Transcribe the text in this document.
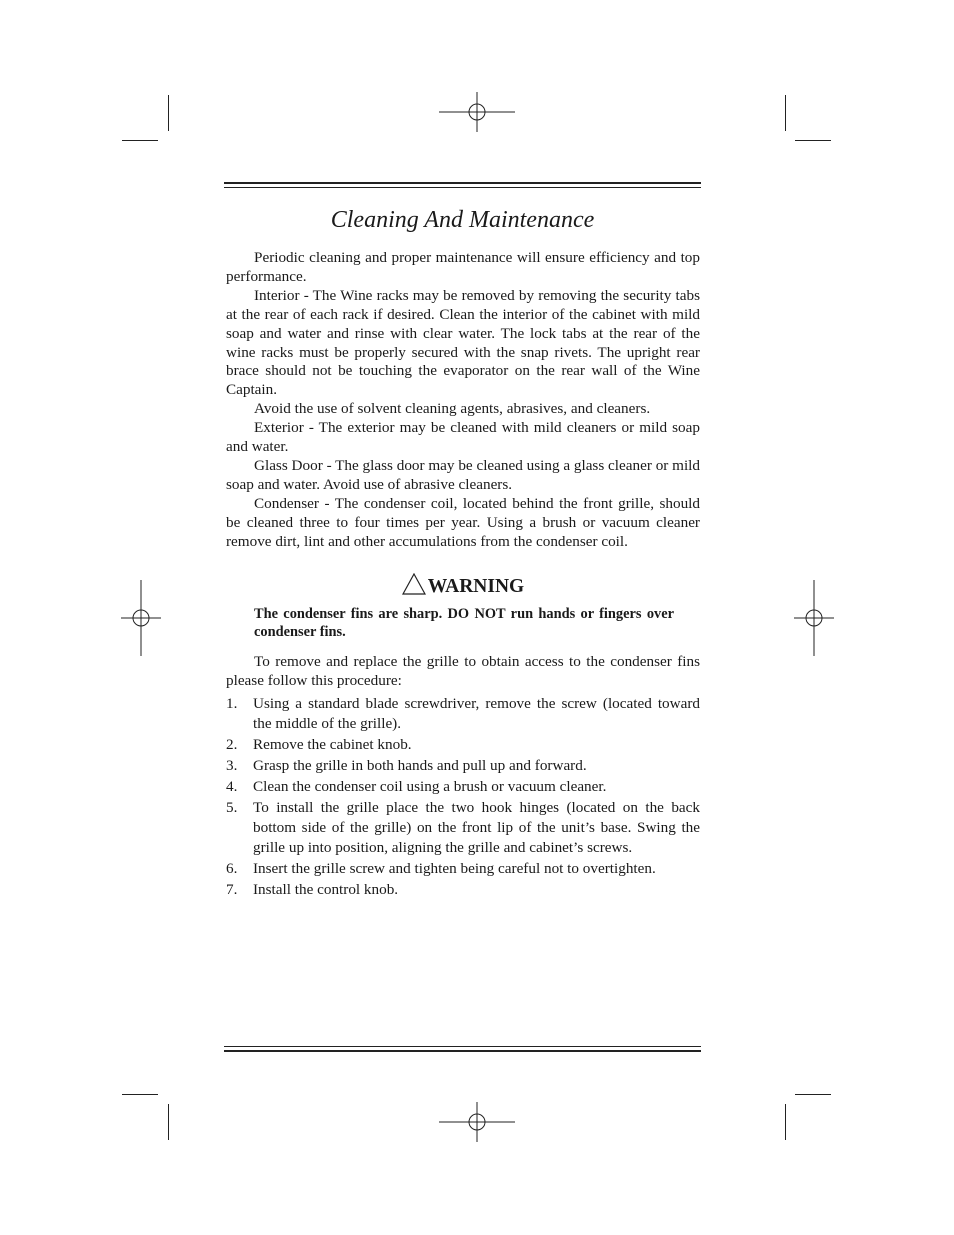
Cleaning And Maintenance

Periodic cleaning and proper maintenance will ensure efficiency and top performance.

Interior - The Wine racks may be removed by removing the security tabs at the rear of each rack if desired. Clean the interior of the cabinet with mild soap and water and rinse with clear water. The lock tabs at the rear of the wine racks must be properly secured with the snap rivets. The upright rear brace should not be touching the evaporator on the rear wall of the Wine Captain.

Avoid the use of solvent cleaning agents, abrasives, and cleaners.

Exterior - The exterior may be cleaned with mild cleaners or mild soap and water.

Glass Door - The glass door may be cleaned using a glass cleaner or mild soap and water. Avoid use of abrasive cleaners.

Condenser - The condenser coil, located behind the front grille, should be cleaned three to four times per year. Using a brush or vacuum cleaner remove dirt, lint and other accumulations from the condenser coil.

WARNING
The condenser fins are sharp. DO NOT run hands or fingers over condenser fins.

To remove and replace the grille to obtain access to the condenser fins please follow this procedure:

1. Using a standard blade screwdriver, remove the screw (located toward the middle of the grille).
2. Remove the cabinet knob.
3. Grasp the grille in both hands and pull up and forward.
4. Clean the condenser coil using a brush or vacuum cleaner.
5. To install the grille place the two hook hinges (located on the back bottom side of the grille) on the front lip of the unit’s base. Swing the grille up into position, aligning the grille and cabinet’s screws.
6. Insert the grille screw and tighten being careful not to overtighten.
7. Install the control knob.
